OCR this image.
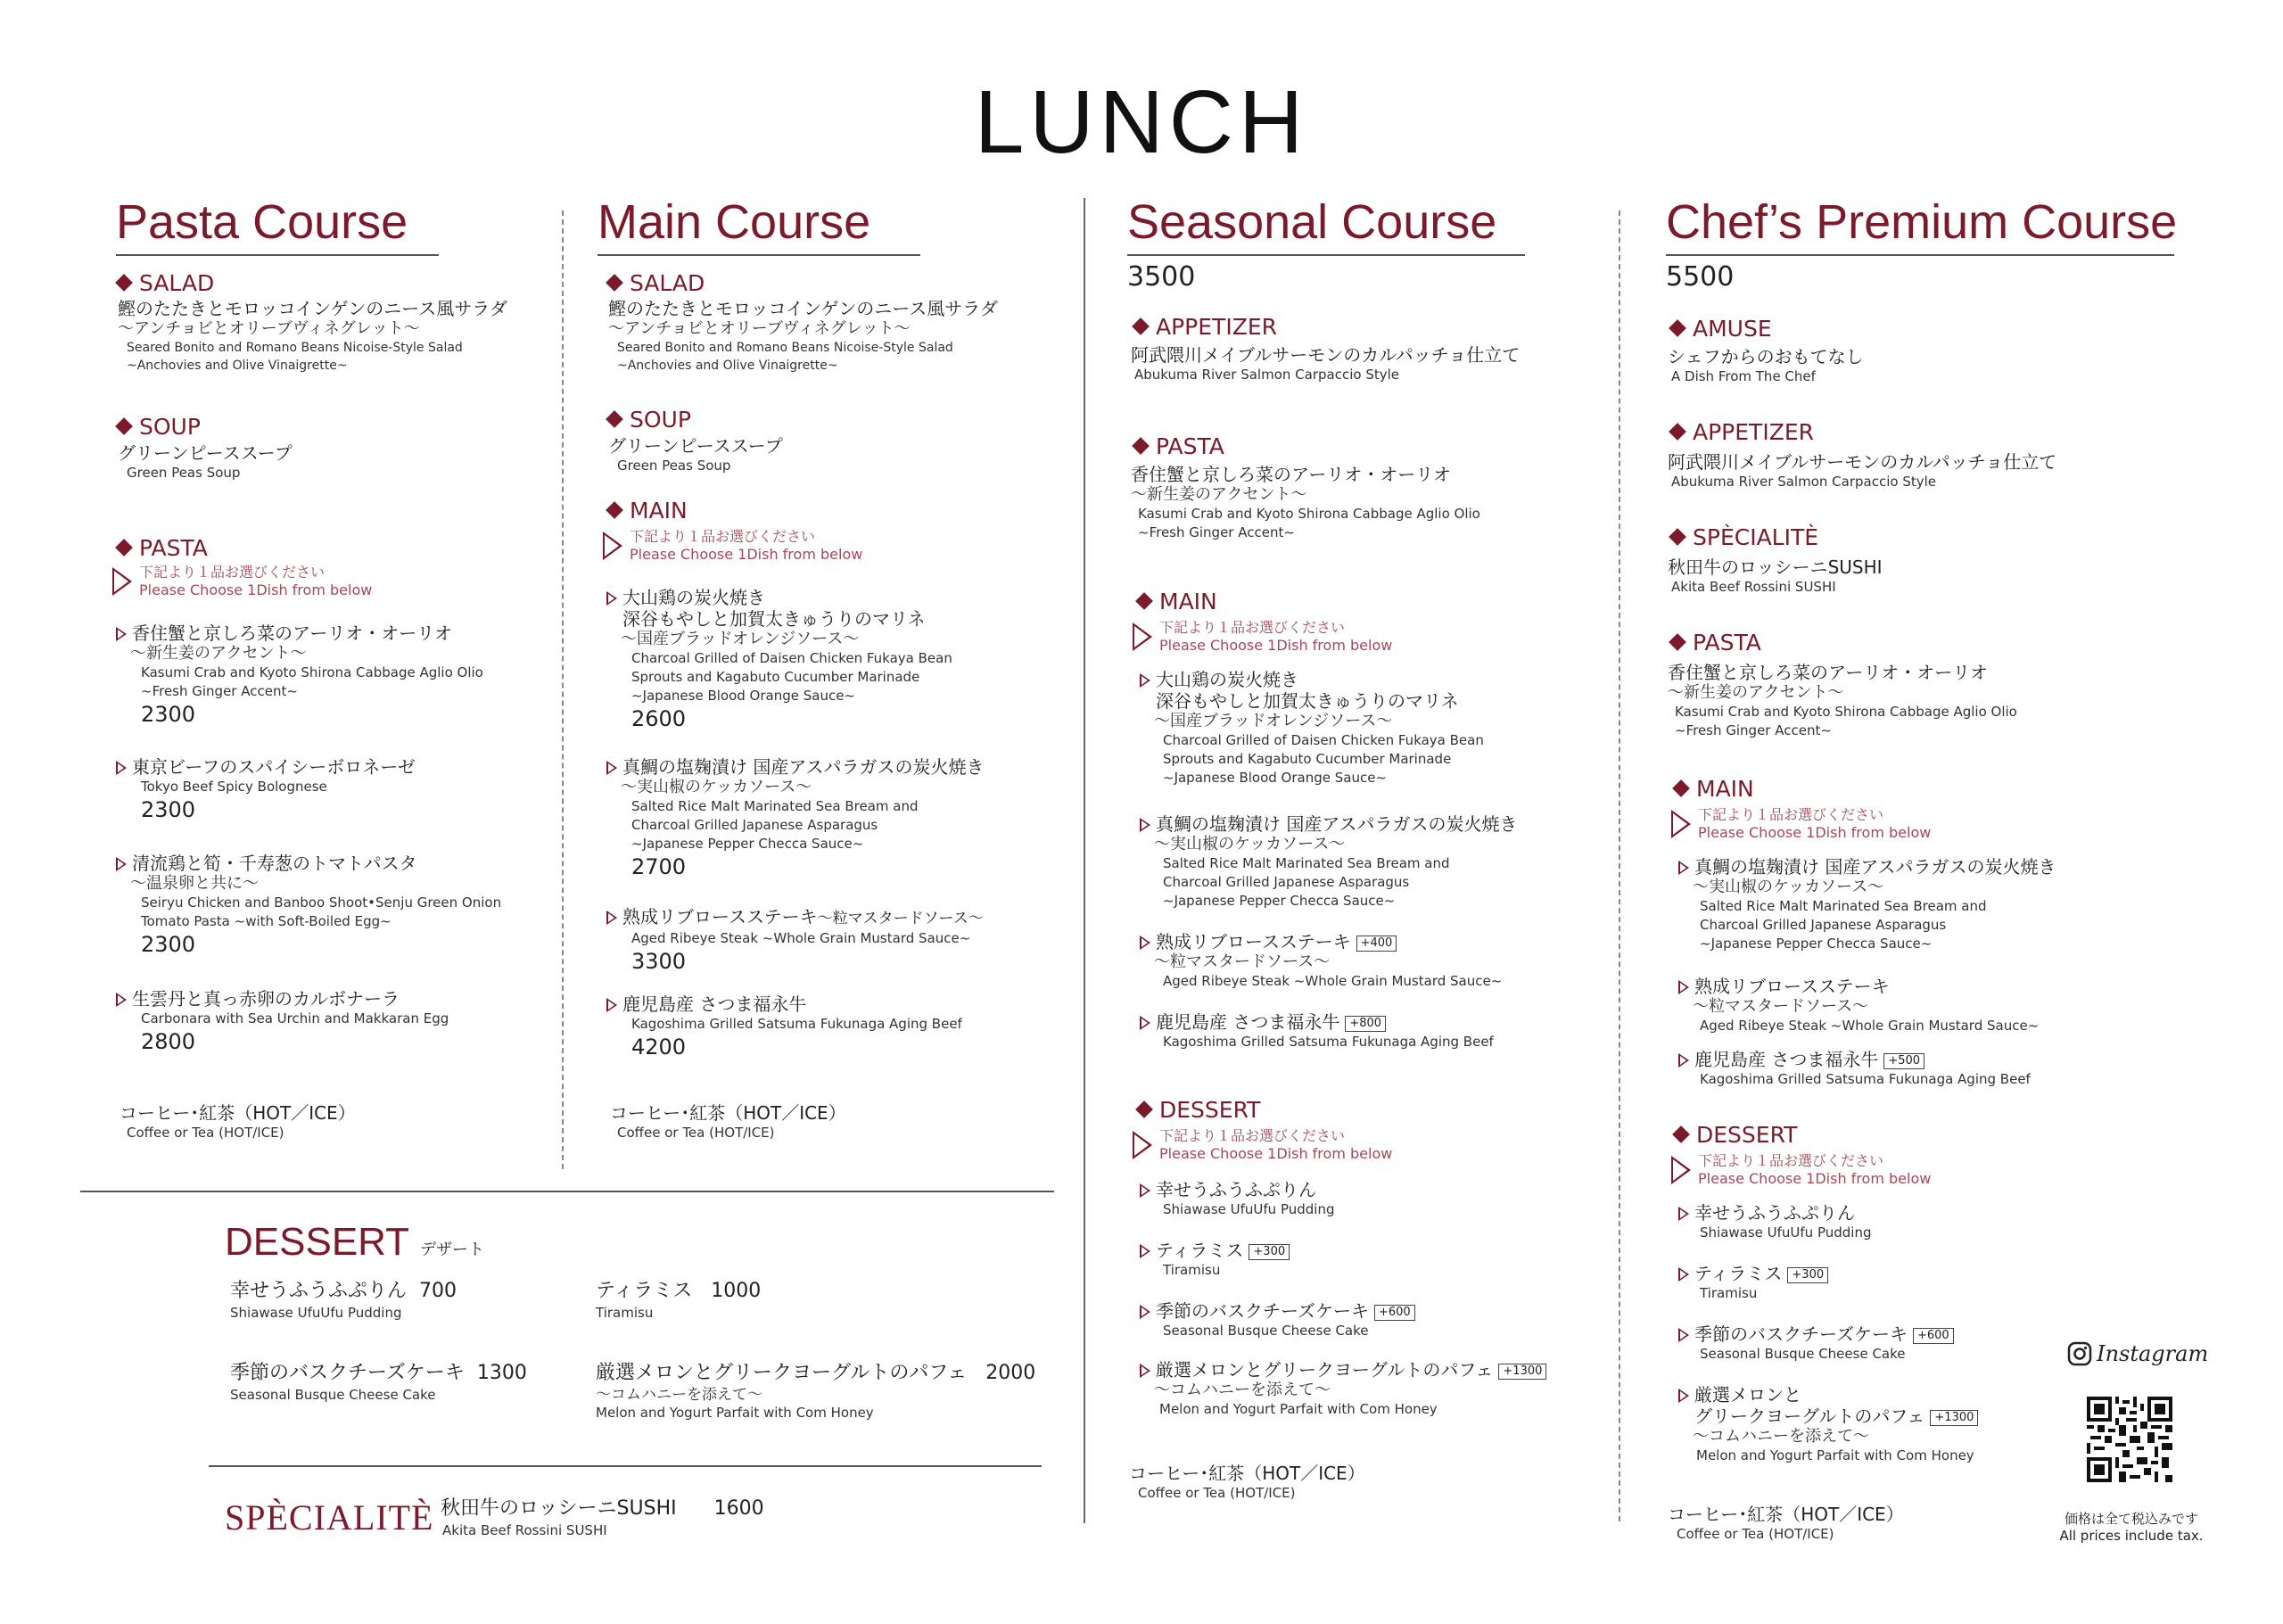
LUNCH
Pasta Course
SALAD
鰹のたたきとモロッコインゲンのニース風サラダ
〜アンチョビとオリーブヴィネグレット〜
Seared Bonito and Romano Beans Nicoise-Style Salad
~Anchovies and Olive Vinaigrette~
SOUP
グリーンピーススープ
Green Peas Soup
PASTA
下記より１品お選びください
Please Choose 1Dish from below
香住蟹と京しろ菜のアーリオ・オーリオ
〜新生姜のアクセント〜
Kasumi Crab and Kyoto Shirona Cabbage Aglio Olio
~Fresh Ginger Accent~
2300
東京ビーフのスパイシーボロネーゼ
Tokyo Beef Spicy Bolognese
2300
清流鶏と筍・千寿葱のトマトパスタ
〜温泉卵と共に〜
Seiryu Chicken and Banboo Shoot•Senju Green Onion
Tomato Pasta ~with Soft-Boiled Egg~
2300
生雲丹と真っ赤卵のカルボナーラ
Carbonara with Sea Urchin and Makkaran Egg
2800
コーヒー･紅茶（HOT／ICE）
Coffee or Tea (HOT/ICE)
Main Course
SALAD
鰹のたたきとモロッコインゲンのニース風サラダ
〜アンチョビとオリーブヴィネグレット〜
Seared Bonito and Romano Beans Nicoise-Style Salad
~Anchovies and Olive Vinaigrette~
SOUP
グリーンピーススープ
Green Peas Soup
MAIN
下記より１品お選びください
Please Choose 1Dish from below
大山鶏の炭火焼き
深谷もやしと加賀太きゅうりのマリネ
〜国産ブラッドオレンジソース〜
Charcoal Grilled of Daisen Chicken Fukaya Bean
Sprouts and Kagabuto Cucumber Marinade
~Japanese Blood Orange Sauce~
2600
真鯛の塩麹漬け 国産アスパラガスの炭火焼き
〜実山椒のケッカソース〜
Salted Rice Malt Marinated Sea Bream and
Charcoal Grilled Japanese Asparagus
~Japanese Pepper Checca Sauce~
2700
熟成リブロースステーキ〜粒マスタードソース〜
Aged Ribeye Steak ~Whole Grain Mustard Sauce~
3300
鹿児島産 さつま福永牛
Kagoshima Grilled Satsuma Fukunaga Aging Beef
4200
コーヒー･紅茶（HOT／ICE）
Coffee or Tea (HOT/ICE)
DESSERT デザート
幸せうふうふぷりん 700
Shiawase UfuUfu Pudding
ティラミス 1000
Tiramisu
季節のバスクチーズケーキ 1300
Seasonal Busque Cheese Cake
厳選メロンとグリークヨーグルトのパフェ 2000
〜コムハニーを添えて〜
Melon and Yogurt Parfait with Com Honey
SPÈCIALITÈ 秋田牛のロッシーニSUSHI 1600
Akita Beef Rossini SUSHI
Seasonal Course
3500
APPETIZER
阿武隈川メイブルサーモンのカルパッチョ仕立て
Abukuma River Salmon Carpaccio Style
PASTA
香住蟹と京しろ菜のアーリオ・オーリオ
〜新生姜のアクセント〜
Kasumi Crab and Kyoto Shirona Cabbage Aglio Olio
~Fresh Ginger Accent~
MAIN
下記より１品お選びください
Please Choose 1Dish from below
大山鶏の炭火焼き
深谷もやしと加賀太きゅうりのマリネ
〜国産ブラッドオレンジソース〜
Charcoal Grilled of Daisen Chicken Fukaya Bean
Sprouts and Kagabuto Cucumber Marinade
~Japanese Blood Orange Sauce~
真鯛の塩麹漬け 国産アスパラガスの炭火焼き
〜実山椒のケッカソース〜
Salted Rice Malt Marinated Sea Bream and
Charcoal Grilled Japanese Asparagus
~Japanese Pepper Checca Sauce~
熟成リブロースステーキ +400
〜粒マスタードソース〜
Aged Ribeye Steak ~Whole Grain Mustard Sauce~
鹿児島産 さつま福永牛 +800
Kagoshima Grilled Satsuma Fukunaga Aging Beef
DESSERT
下記より１品お選びください
Please Choose 1Dish from below
幸せうふうふぷりん
Shiawase UfuUfu Pudding
ティラミス +300
Tiramisu
季節のバスクチーズケーキ +600
Seasonal Busque Cheese Cake
厳選メロンとグリークヨーグルトのパフェ +1300
〜コムハニーを添えて〜
Melon and Yogurt Parfait with Com Honey
コーヒー･紅茶（HOT／ICE）
Coffee or Tea (HOT/ICE)
Chef’s Premium Course
5500
AMUSE
シェフからのおもてなし
A Dish From The Chef
APPETIZER
阿武隈川メイブルサーモンのカルパッチョ仕立て
Abukuma River Salmon Carpaccio Style
SPÈCIALITÈ
秋田牛のロッシーニSUSHI
Akita Beef Rossini SUSHI
PASTA
香住蟹と京しろ菜のアーリオ・オーリオ
〜新生姜のアクセント〜
Kasumi Crab and Kyoto Shirona Cabbage Aglio Olio
~Fresh Ginger Accent~
MAIN
下記より１品お選びください
Please Choose 1Dish from below
真鯛の塩麹漬け 国産アスパラガスの炭火焼き
〜実山椒のケッカソース〜
Salted Rice Malt Marinated Sea Bream and
Charcoal Grilled Japanese Asparagus
~Japanese Pepper Checca Sauce~
熟成リブロースステーキ
〜粒マスタードソース〜
Aged Ribeye Steak ~Whole Grain Mustard Sauce~
鹿児島産 さつま福永牛 +500
Kagoshima Grilled Satsuma Fukunaga Aging Beef
DESSERT
下記より１品お選びください
Please Choose 1Dish from below
幸せうふうふぷりん
Shiawase UfuUfu Pudding
ティラミス +300
Tiramisu
季節のバスクチーズケーキ +600
Seasonal Busque Cheese Cake
厳選メロンと
グリークヨーグルトのパフェ +1300
〜コムハニーを添えて〜
Melon and Yogurt Parfait with Com Honey
コーヒー･紅茶（HOT／ICE）
Coffee or Tea (HOT/ICE)
Instagram
価格は全て税込みです
All prices include tax.
